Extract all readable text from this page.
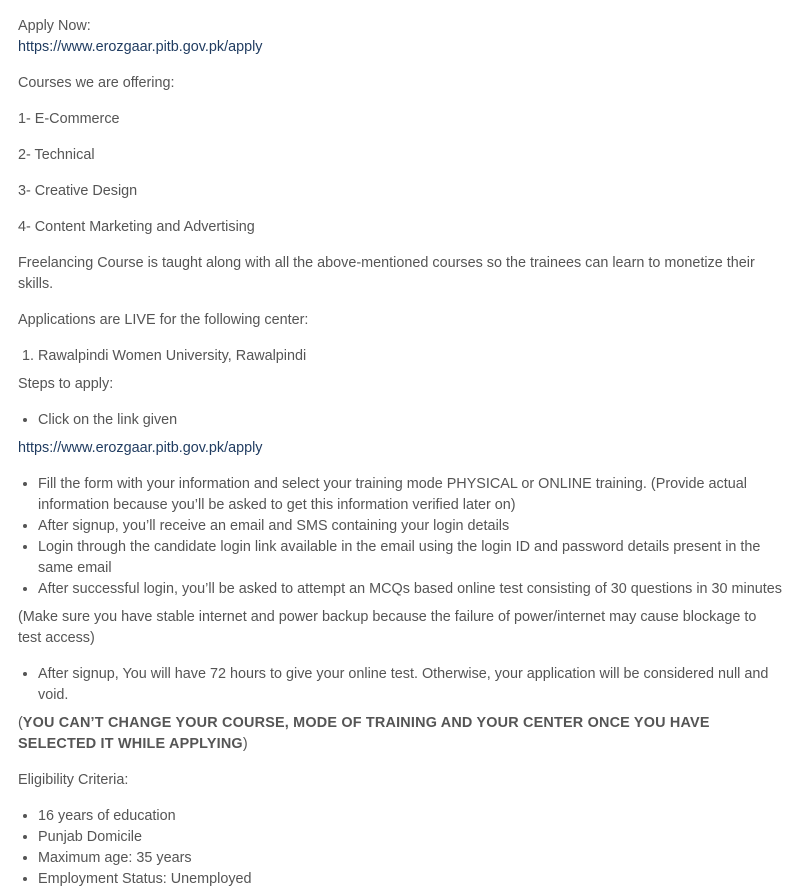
Apply Now:

https://www.erozgaar.pitb.gov.pk/apply

Courses we are offering:

1- E-Commerce

2- Technical

3- Creative Design

4- Content Marketing and Advertising

Freelancing Course is taught along with all the above-mentioned courses so the trainees can learn to monetize their skills.

Applications are LIVE for the following center:

1. Rawalpindi Women University, Rawalpindi

Steps to apply:

• Click on the link given

https://www.erozgaar.pitb.gov.pk/apply

• Fill the form with your information and select your training mode PHYSICAL or ONLINE training. (Provide actual information because you’ll be asked to get this information verified later on)
• After signup, you’ll receive an email and SMS containing your login details
• Login through the candidate login link available in the email using the login ID and password details present in the same email
• After successful login, you’ll be asked to attempt an MCQs based online test consisting of 30 questions in 30 minutes

(Make sure you have stable internet and power backup because the failure of power/internet may cause blockage to test access)

• After signup, You will have 72 hours to give your online test. Otherwise, your application will be considered null and void.

(YOU CAN’T CHANGE YOUR COURSE, MODE OF TRAINING AND YOUR CENTER ONCE YOU HAVE SELECTED IT WHILE APPLYING)

Eligibility Criteria:

• 16 years of education
• Punjab Domicile
• Maximum age: 35 years
• Employment Status: Unemployed
